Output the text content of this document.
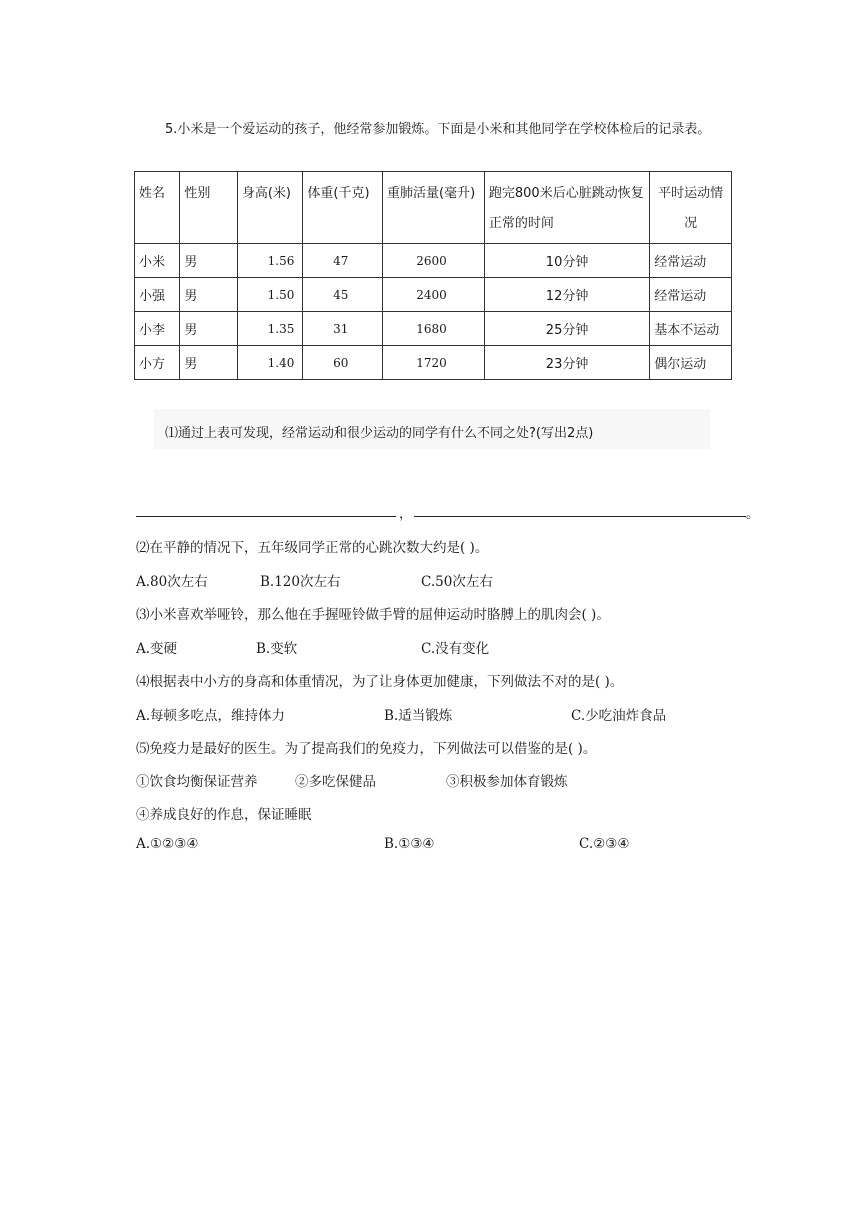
5.小米是一个爱运动的孩子，他经常参加锻炼。下面是小米和其他同学在学校体检后的记录表。
姓名	性别	身高(米)	体重(千克)	重肺活量(毫升)	跑完800米后心脏跳动恢复正常的时间	平时运动情况
小米	男	1.56	47	2600	10分钟	经常运动
小强	男	1.50	45	2400	12分钟	经常运动
小李	男	1.35	31	1680	25分钟	基本不运动
小方	男	1.40	60	1720	23分钟	偶尔运动
⑴通过上表可发现，经常运动和很少运动的同学有什么不同之处?(写出2点)
，	。
⑵在平静的情况下，五年级同学正常的心跳次数大约是( )。
A.80次左右	B.120次左右	C.50次左右
⑶小米喜欢举哑铃，那么他在手握哑铃做手臂的屈伸运动时胳膊上的肌肉会( )。
A.变硬	B.变软	C.没有变化
⑷根据表中小方的身高和体重情况，为了让身体更加健康，下列做法不对的是( )。
A.每顿多吃点，维持体力	B.适当锻炼	C.少吃油炸食品
⑸免疫力是最好的医生。为了提高我们的免疫力，下列做法可以借鉴的是( )。
①饮食均衡保证营养	②多吃保健品	③积极参加体育锻炼
④养成良好的作息，保证睡眠
A.①②③④	B.①③④	C.②③④
